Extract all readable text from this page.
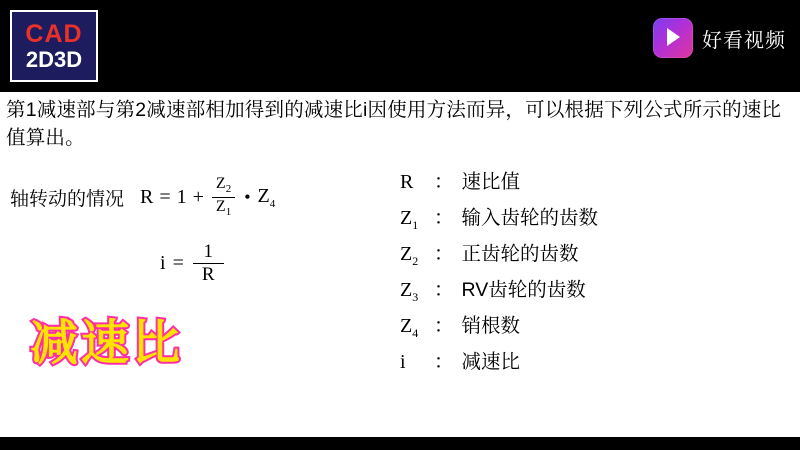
CAD
2D3D
好看视频
第1减速部与第2减速部相加得到的减速比i因使用方法而异，可以根据下列公式所示的速比值算出。
轴转动的情况 $R = 1 + \frac{Z_2}{Z_1}$ • $Z_4$
$i = \frac{1}{R}$
R	： 速比值
$Z_1$ ： 输入齿轮的齿数
$Z_2$ ： 正齿轮的齿数
$Z_3$ ： RV齿轮的齿数
$Z_4$ ： 销根数
i	： 减速比
减速比
